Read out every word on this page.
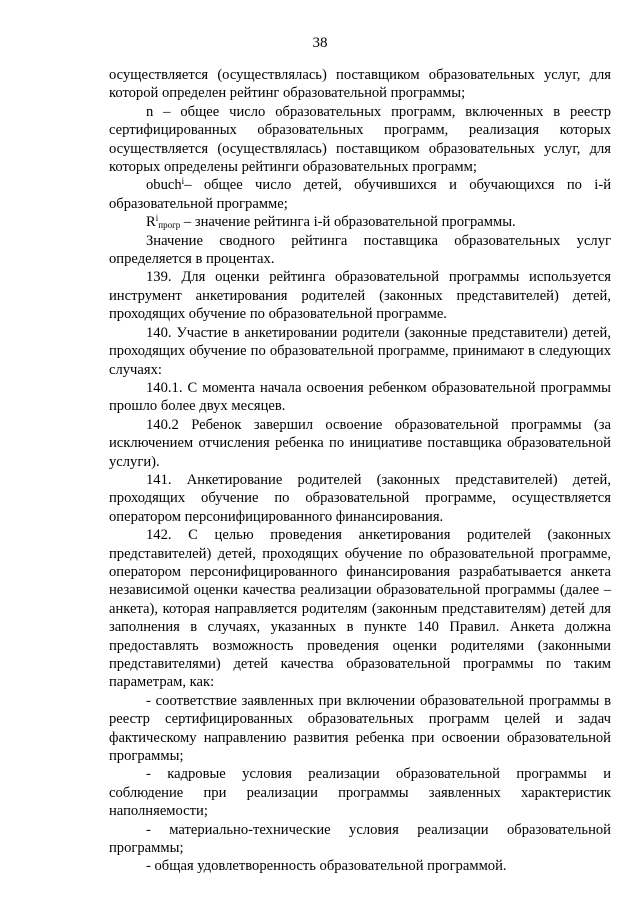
38

осуществляется (осуществлялась) поставщиком образовательных услуг, для которой определен рейтинг образовательной программы;

n – общее число образовательных программ, включенных в реестр сертифицированных образовательных программ, реализация которых осуществляется (осуществлялась) поставщиком образовательных услуг, для которых определены рейтинги образовательных программ;

obuch$^i$– общее число детей, обучившихся и обучающихся по i-й образовательной программе;

$R^i_{прогр}$ – значение рейтинга i-й образовательной программы.

Значение сводного рейтинга поставщика образовательных услуг определяется в процентах.

139. Для оценки рейтинга образовательной программы используется инструмент анкетирования родителей (законных представителей) детей, проходящих обучение по образовательной программе.

140. Участие в анкетировании родители (законные представители) детей, проходящих обучение по образовательной программе, принимают в следующих случаях:

140.1. С момента начала освоения ребенком образовательной программы прошло более двух месяцев.

140.2 Ребенок завершил освоение образовательной программы (за исключением отчисления ребенка по инициативе поставщика образовательной услуги).

141. Анкетирование родителей (законных представителей) детей, проходящих обучение по образовательной программе, осуществляется оператором персонифицированного финансирования.

142. С целью проведения анкетирования родителей (законных представителей) детей, проходящих обучение по образовательной программе, оператором персонифицированного финансирования разрабатывается анкета независимой оценки качества реализации образовательной программы (далее – анкета), которая направляется родителям (законным представителям) детей для заполнения в случаях, указанных в пункте 140 Правил. Анкета должна предоставлять возможность проведения оценки родителями (законными представителями) детей качества образовательной программы по таким параметрам, как:

- соответствие заявленных при включении образовательной программы в реестр сертифицированных образовательных программ целей и задач фактическому направлению развития ребенка при освоении образовательной программы;

- кадровые условия реализации образовательной программы и соблюдение при реализации программы заявленных характеристик наполняемости;

- материально-технические условия реализации образовательной программы;

- общая удовлетворенность образовательной программой.
